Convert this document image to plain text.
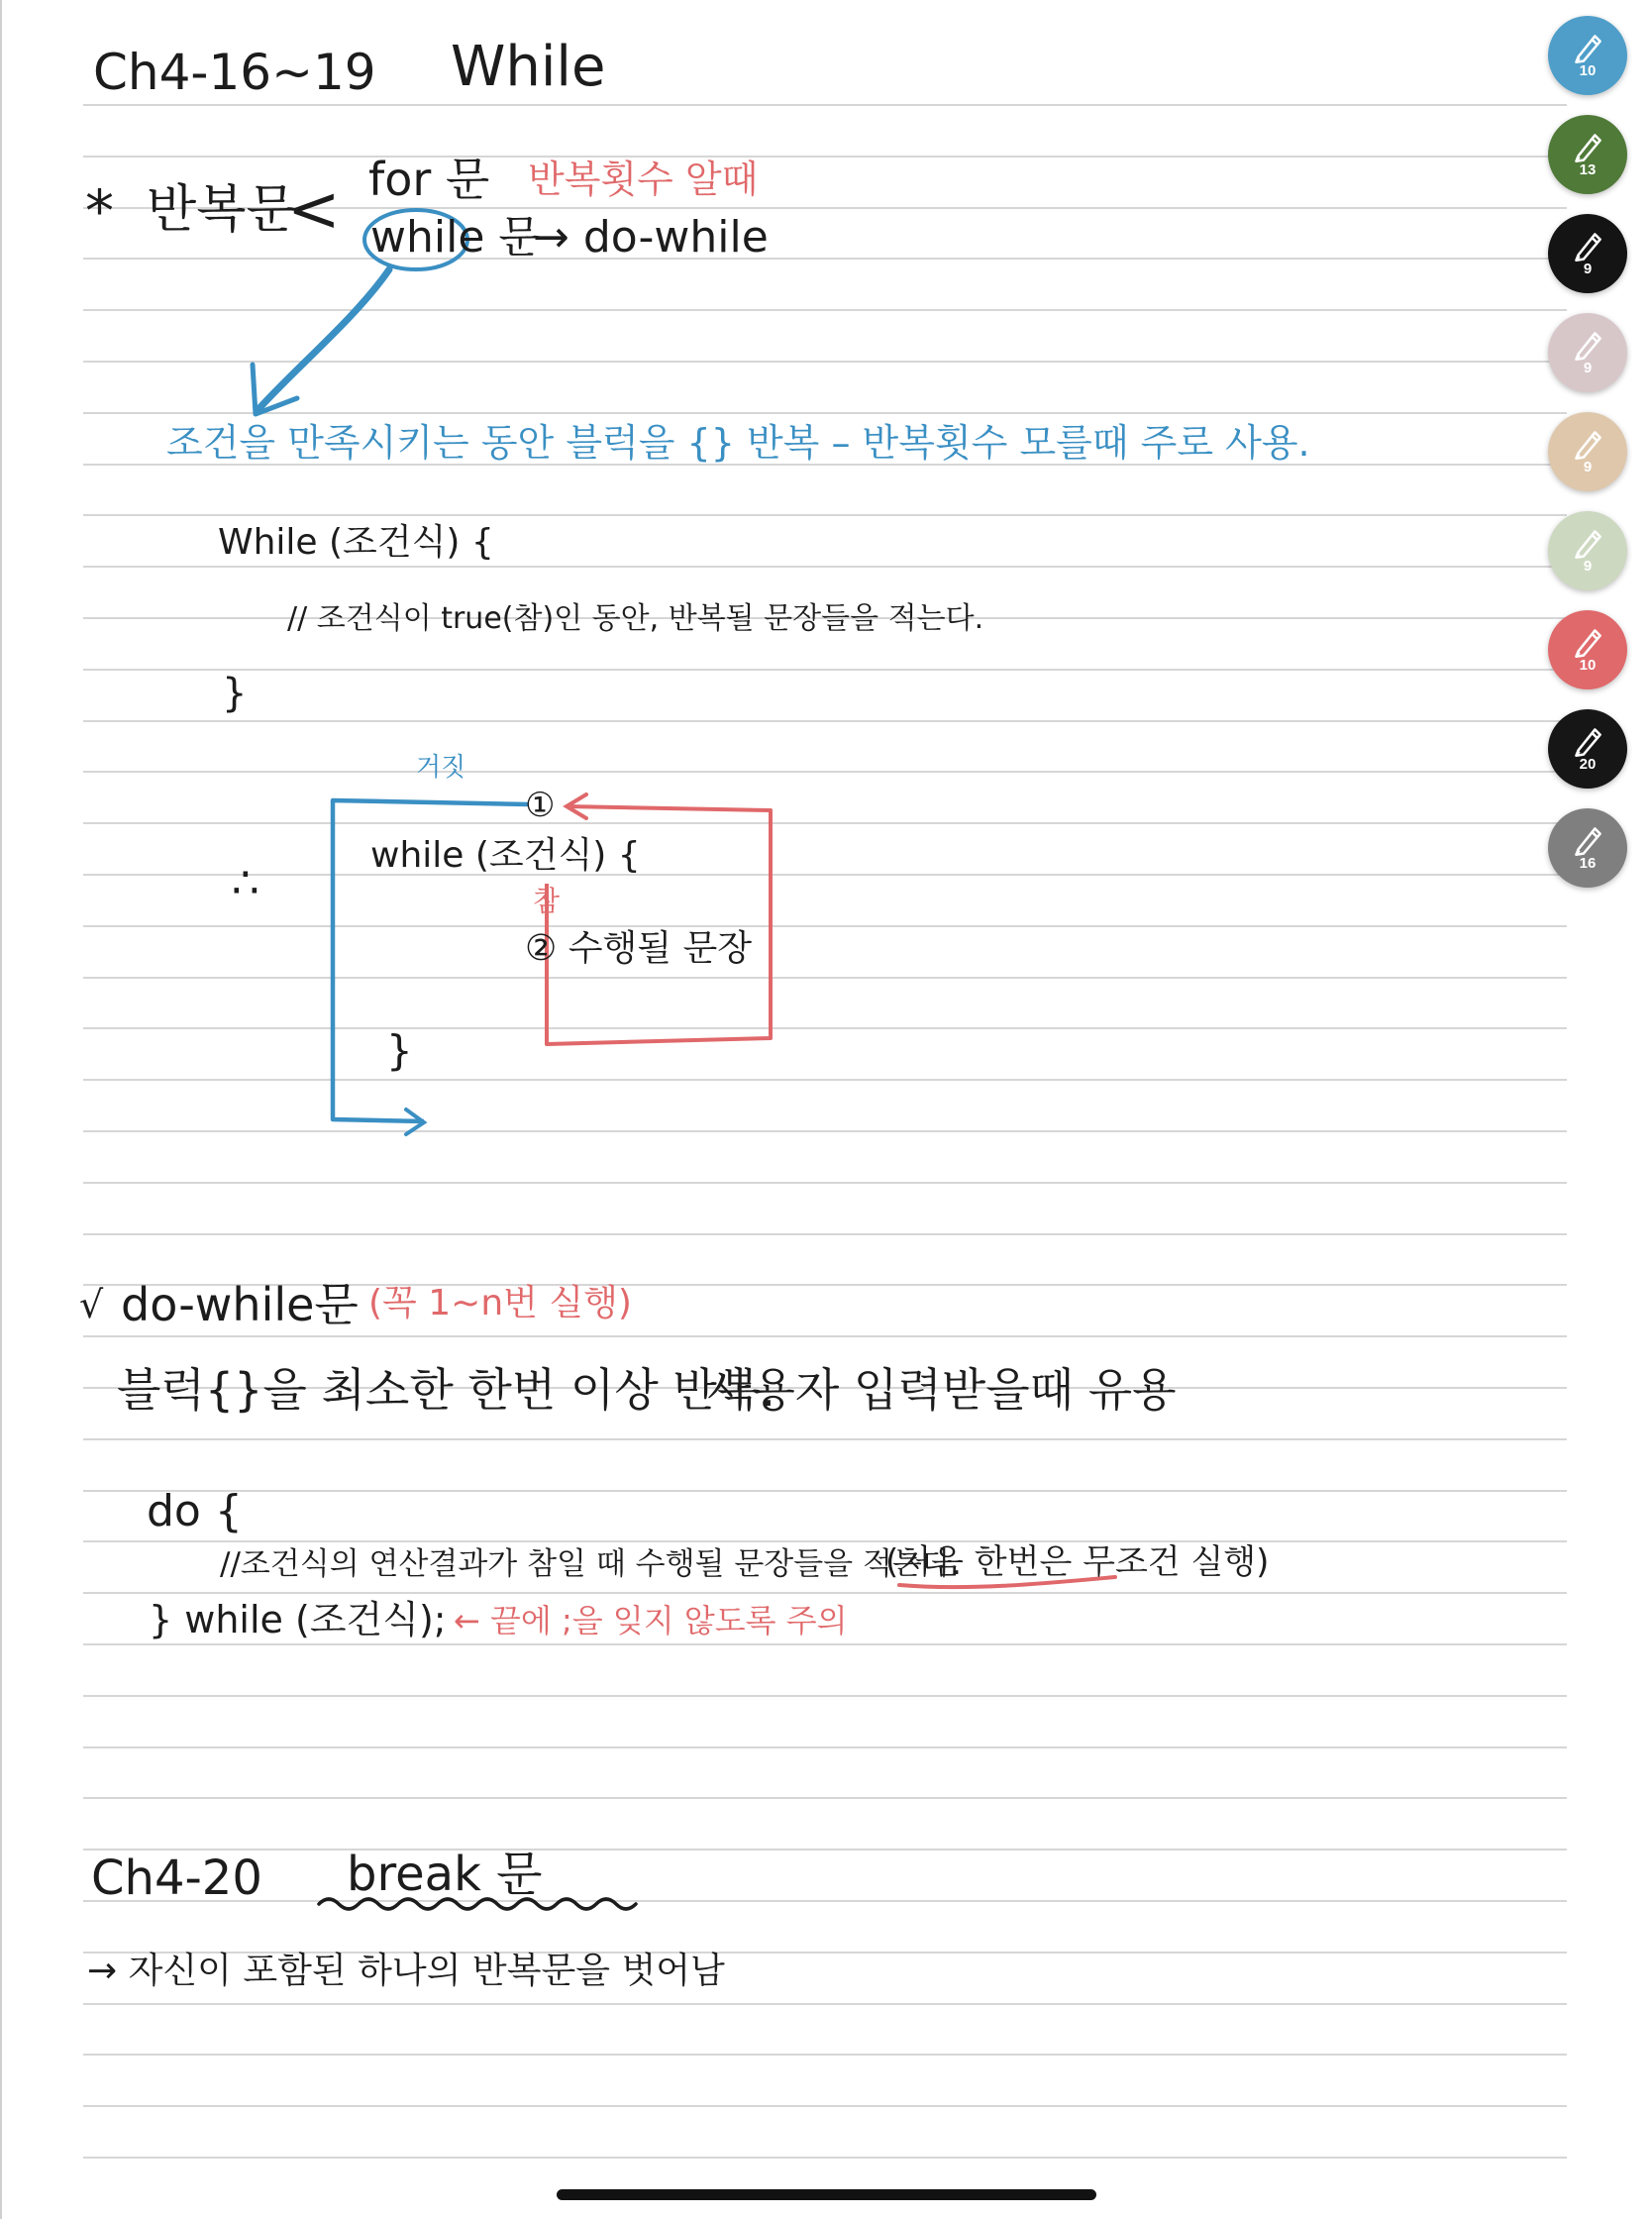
Ch4-16~19 While
* 반복문
< for 문 반복횟수 알때
while 문
→ do-while
조건을 만족시키는 동안 블럭을 {} 반복 – 반복횟수 모를때 주로 사용.
While (조건식) {
// 조건식이 true(참)인 동안, 반복될 문장들을 적는다.
}
거짓
①
∴
while (조건식) {
참
② 수행될 문장
}
√ do-while문 (꼭 1~n번 실행)
블럭{}을 최소한 한번 이상 반복.
사용자 입력받을때 유용
do {
//조건식의 연산결과가 참일 때 수행될 문장들을 적는다.
(처음 한번은 무조건 실행)
} while (조건식); ← 끝에 ;을 잊지 않도록 주의
Ch4-20 break 문
→ 자신이 포함된 하나의 반복문을 벗어남
10
13
9
9
9
9
10
20
16
